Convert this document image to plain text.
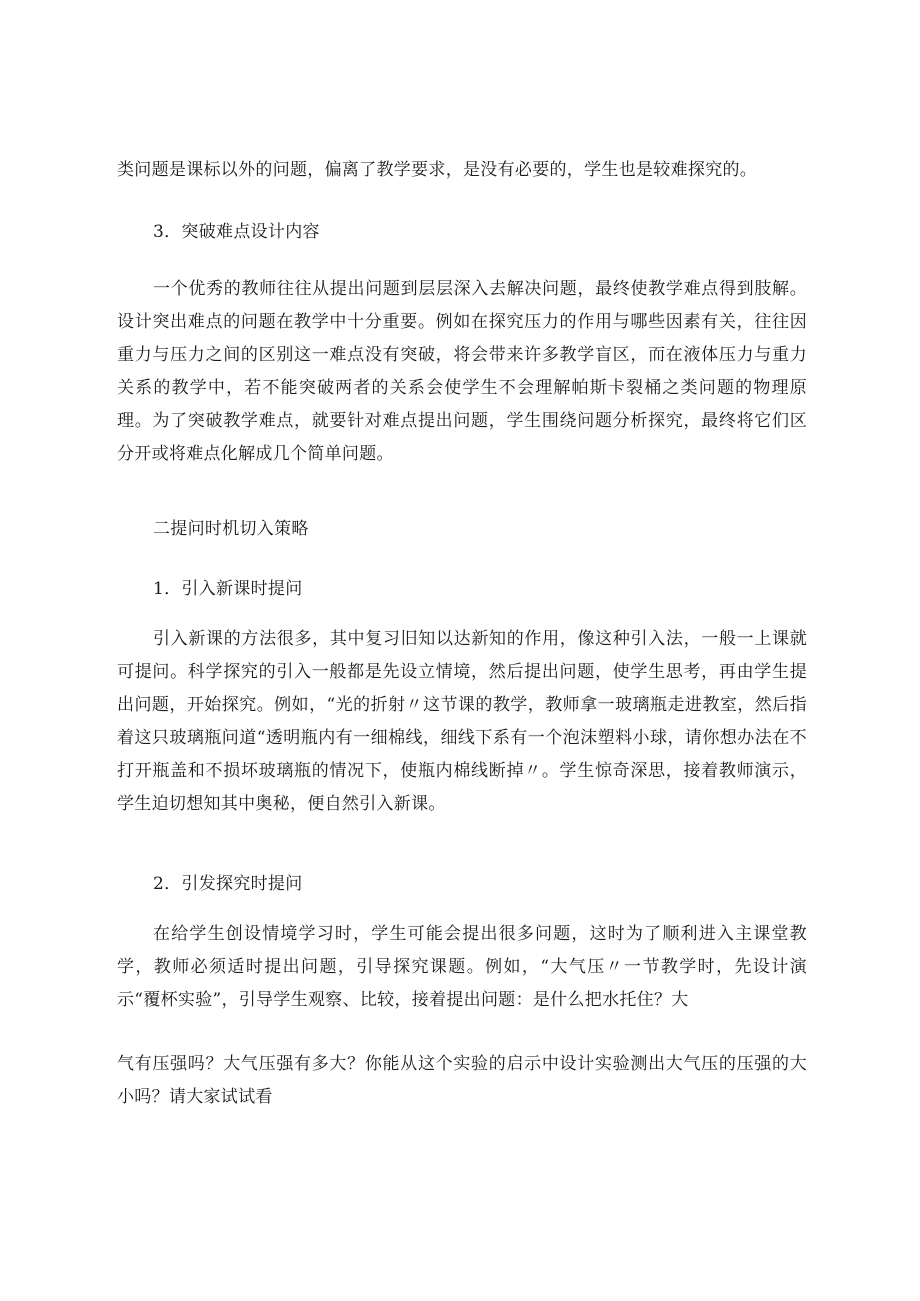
类问题是课标以外的问题，偏离了教学要求，是没有必要的，学生也是较难探究的。

3．突破难点设计内容

一个优秀的教师往往从提出问题到层层深入去解决问题，最终使教学难点得到肢解。设计突出难点的问题在教学中十分重要。例如在探究压力的作用与哪些因素有关，往往因重力与压力之间的区别这一难点没有突破，将会带来许多教学盲区，而在液体压力与重力关系的教学中，若不能突破两者的关系会使学生不会理解帕斯卡裂桶之类问题的物理原理。为了突破教学难点，就要针对难点提出问题，学生围绕问题分析探究，最终将它们区分开或将难点化解成几个简单问题。

二提问时机切入策略

1．引入新课时提问

引入新课的方法很多，其中复习旧知以达新知的作用，像这种引入法，一般一上课就可提问。科学探究的引入一般都是先设立情境，然后提出问题，使学生思考，再由学生提出问题，开始探究。例如，“光的折射〃这节课的教学，教师拿一玻璃瓶走进教室，然后指着这只玻璃瓶问道“透明瓶内有一细棉线，细线下系有一个泡沫塑料小球，请你想办法在不打开瓶盖和不损坏玻璃瓶的情况下，使瓶内棉线断掉〃。学生惊奇深思，接着教师演示，学生迫切想知其中奥秘，便自然引入新课。

2．引发探究时提问

在给学生创设情境学习时，学生可能会提出很多问题，这时为了顺利进入主课堂教学，教师必须适时提出问题，引导探究课题。例如，“大气压〃一节教学时，先设计演示“覆杯实验”，引导学生观察、比较，接着提出问题：是什么把水托住？大

气有压强吗？大气压强有多大？你能从这个实验的启示中设计实验测出大气压的压强的大小吗？请大家试试看
